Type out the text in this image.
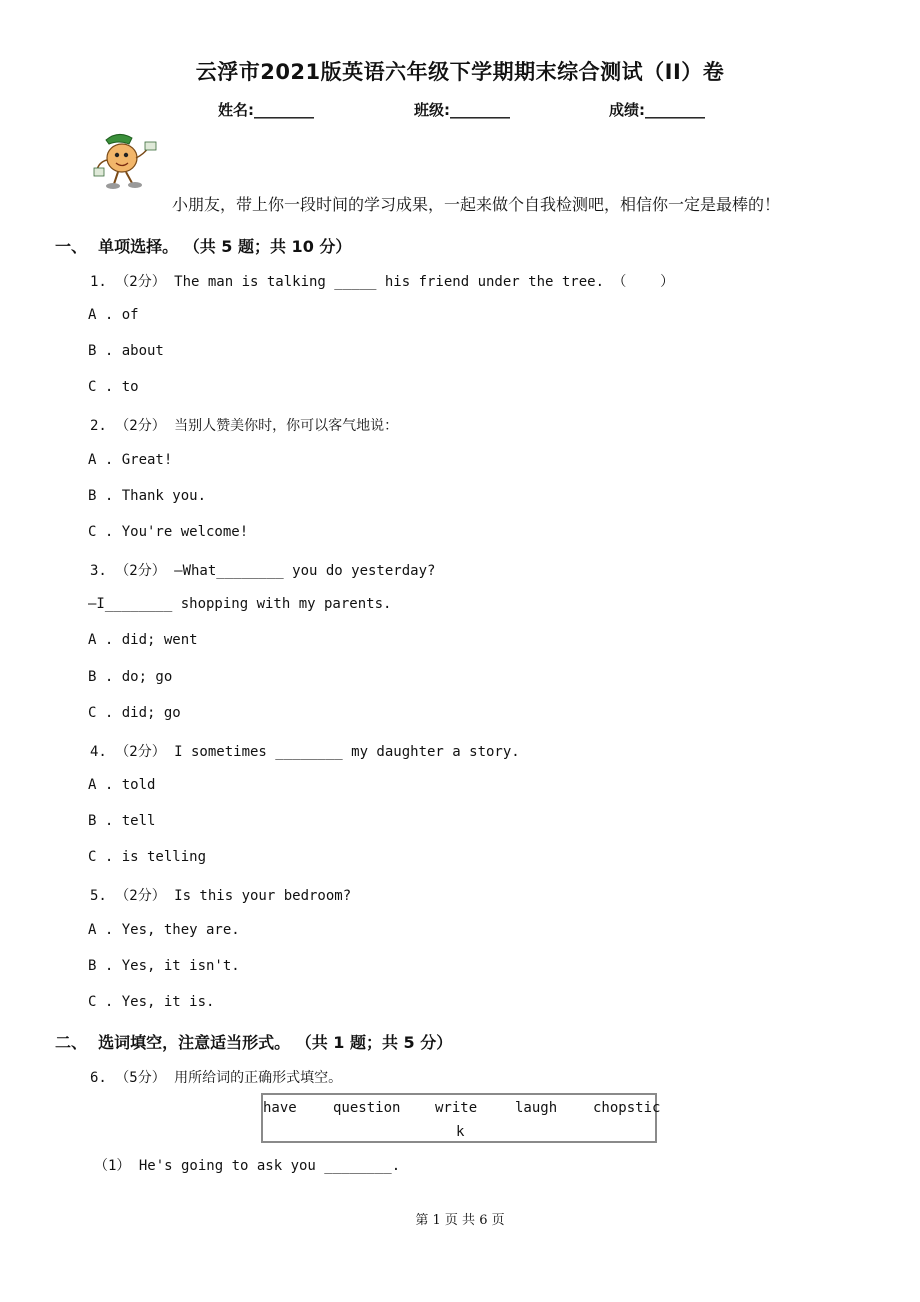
云浮市2021版英语六年级下学期期末综合测试（II）卷
姓名:________	班级:________	成绩:________
小朋友，带上你一段时间的学习成果，一起来做个自我检测吧，相信你一定是最棒的！
一、  单项选择。 （共 5 题；共 10 分）
1. （2分） The man is talking _____ his friend under the tree. （    ）
A . of
B . about
C . to
2. （2分） 当别人赞美你时，你可以客气地说：
A . Great!
B . Thank you.
C . You're welcome!
3. （2分） —What________ you do yesterday?
—I________ shopping with my parents.
A . did; went
B . do; go
C . did; go
4. （2分） I sometimes ________ my daughter a story.
A . told
B . tell
C . is telling
5. （2分） Is this your bedroom?
A . Yes, they are.
B . Yes, it isn't.
C . Yes, it is.
二、  选词填空，注意适当形式。 （共 1 题；共 5 分）
6. （5分） 用所给词的正确形式填空。

have

	question

write

	laugh

	chopstic

k

（1） He's going to ask you ________.
第 1 页 共 6 页
